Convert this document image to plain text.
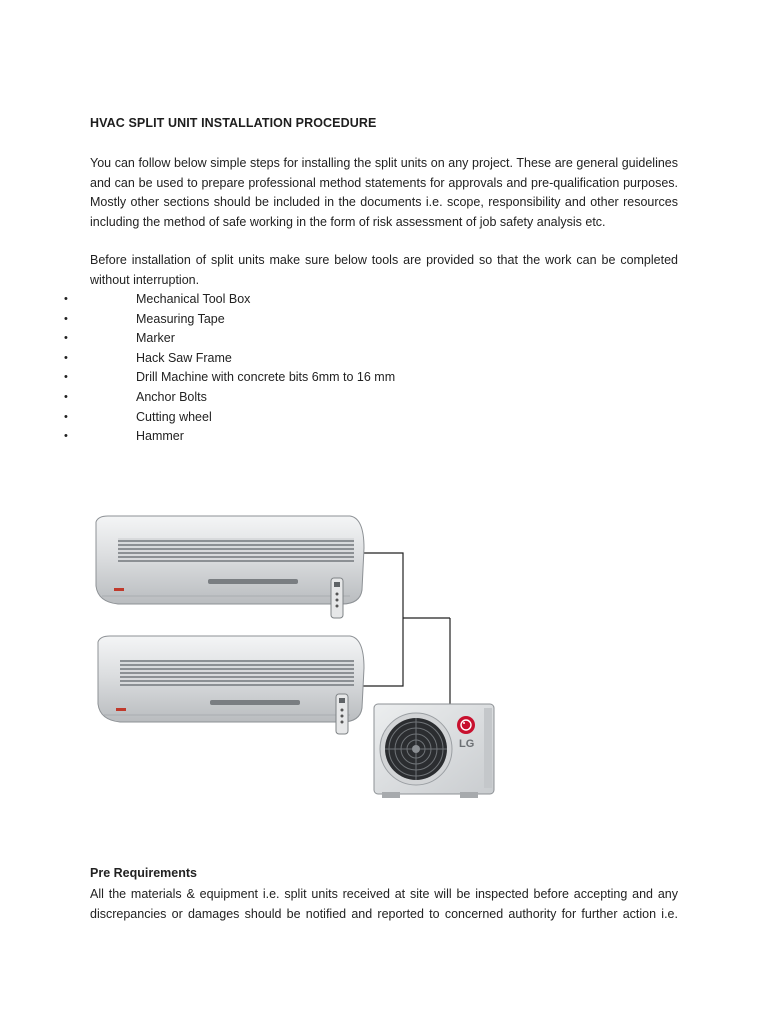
HVAC SPLIT UNIT INSTALLATION PROCEDURE

You can follow below simple steps for installing the split units on any project. These are general guidelines and can be used to prepare professional method statements for approvals and pre-qualification purposes. Mostly other sections should be included in the documents i.e. scope, responsibility and other resources including the method of safe working in the form of risk assessment of job safety analysis etc.

Before installation of split units make sure below tools are provided so that the work can be completed without interruption.

•	Mechanical Tool Box
•	Measuring Tape
•	Marker
•	Hack Saw Frame
•	Drill Machine with concrete bits 6mm to 16 mm
•	Anchor Bolts
•	Cutting wheel
•	Hammer
LG
Pre Requirements

All the materials & equipment i.e. split units received at site will be inspected before accepting and any discrepancies or damages should be notified and reported to concerned authority for further action i.e.
